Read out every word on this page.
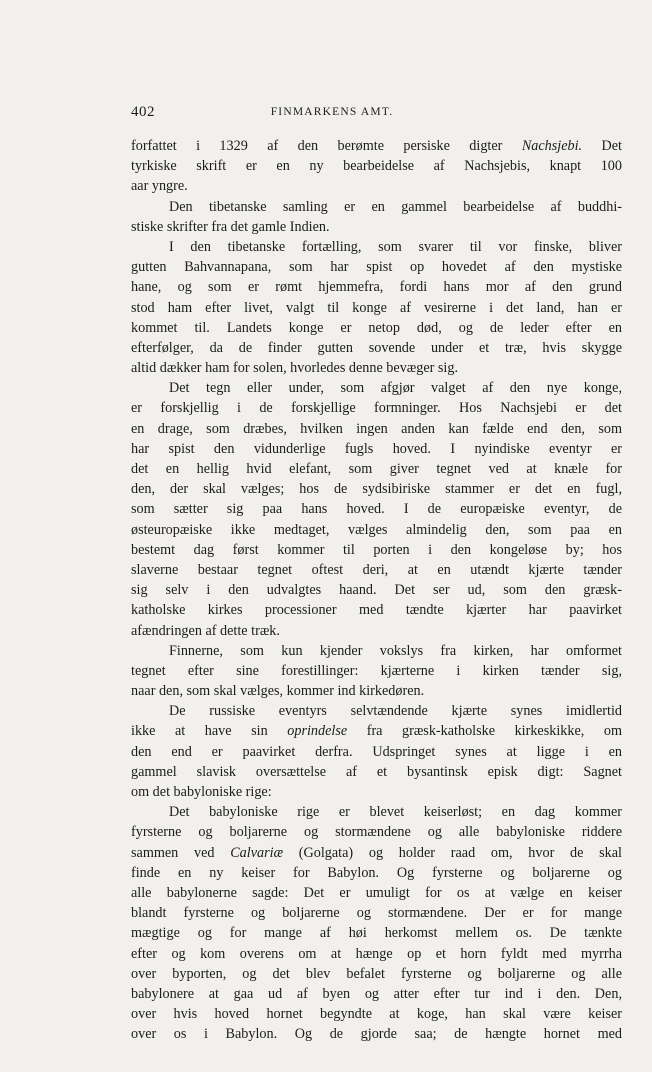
402	FINMARKENS AMT.
forfattet i 1329 af den berømte persiske digter Nachsjebi. Det
tyrkiske skrift er en ny bearbeidelse af Nachsjebis, knapt 100
aar yngre.
Den tibetanske samling er en gammel bearbeidelse af buddhi-
stiske skrifter fra det gamle Indien.
I den tibetanske fortælling, som svarer til vor finske, bliver
gutten Bahvannapana, som har spist op hovedet af den mystiske
hane, og som er rømt hjemmefra, fordi hans mor af den grund
stod ham efter livet, valgt til konge af vesirerne i det land, han er
kommet til. Landets konge er netop død, og de leder efter en
efterfølger, da de finder gutten sovende under et træ, hvis skygge
altid dækker ham for solen, hvorledes denne bevæger sig.
Det tegn eller under, som afgjør valget af den nye konge,
er forskjellig i de forskjellige formninger. Hos Nachsjebi er det
en drage, som dræbes, hvilken ingen anden kan fælde end den, som
har spist den vidunderlige fugls hoved. I nyindiske eventyr er
det en hellig hvid elefant, som giver tegnet ved at knæle for
den, der skal vælges; hos de sydsibiriske stammer er det en fugl,
som sætter sig paa hans hoved. I de europæiske eventyr, de
østeuropæiske ikke medtaget, vælges almindelig den, som paa en
bestemt dag først kommer til porten i den kongeløse by; hos
slaverne bestaar tegnet oftest deri, at en utændt kjærte tænder
sig selv i den udvalgtes haand. Det ser ud, som den græsk-
katholske kirkes processioner med tændte kjærter har paavirket
afændringen af dette træk.
Finnerne, som kun kjender vokslys fra kirken, har omformet
tegnet efter sine forestillinger: kjærterne i kirken tænder sig,
naar den, som skal vælges, kommer ind kirkedøren.
De russiske eventyrs selvtændende kjærte synes imidlertid
ikke at have sin oprindelse fra græsk-katholske kirkeskikke, om
den end er paavirket derfra. Udspringet synes at ligge i en
gammel slavisk oversættelse af et bysantinsk episk digt: Sagnet
om det babyloniske rige:
Det babyloniske rige er blevet keiserløst; en dag kommer
fyrsterne og boljarerne og stormændene og alle babyloniske riddere
sammen ved Calvariæ (Golgata) og holder raad om, hvor de skal
finde en ny keiser for Babylon. Og fyrsterne og boljarerne og
alle babylonerne sagde: Det er umuligt for os at vælge en keiser
blandt fyrsterne og boljarerne og stormændene. Der er for mange
mægtige og for mange af høi herkomst mellem os. De tænkte
efter og kom overens om at hænge op et horn fyldt med myrrha
over byporten, og det blev befalet fyrsterne og boljarerne og alle
babylonere at gaa ud af byen og atter efter tur ind i den. Den,
over hvis hoved hornet begyndte at koge, han skal være keiser
over os i Babylon. Og de gjorde saa; de hængte hornet med
